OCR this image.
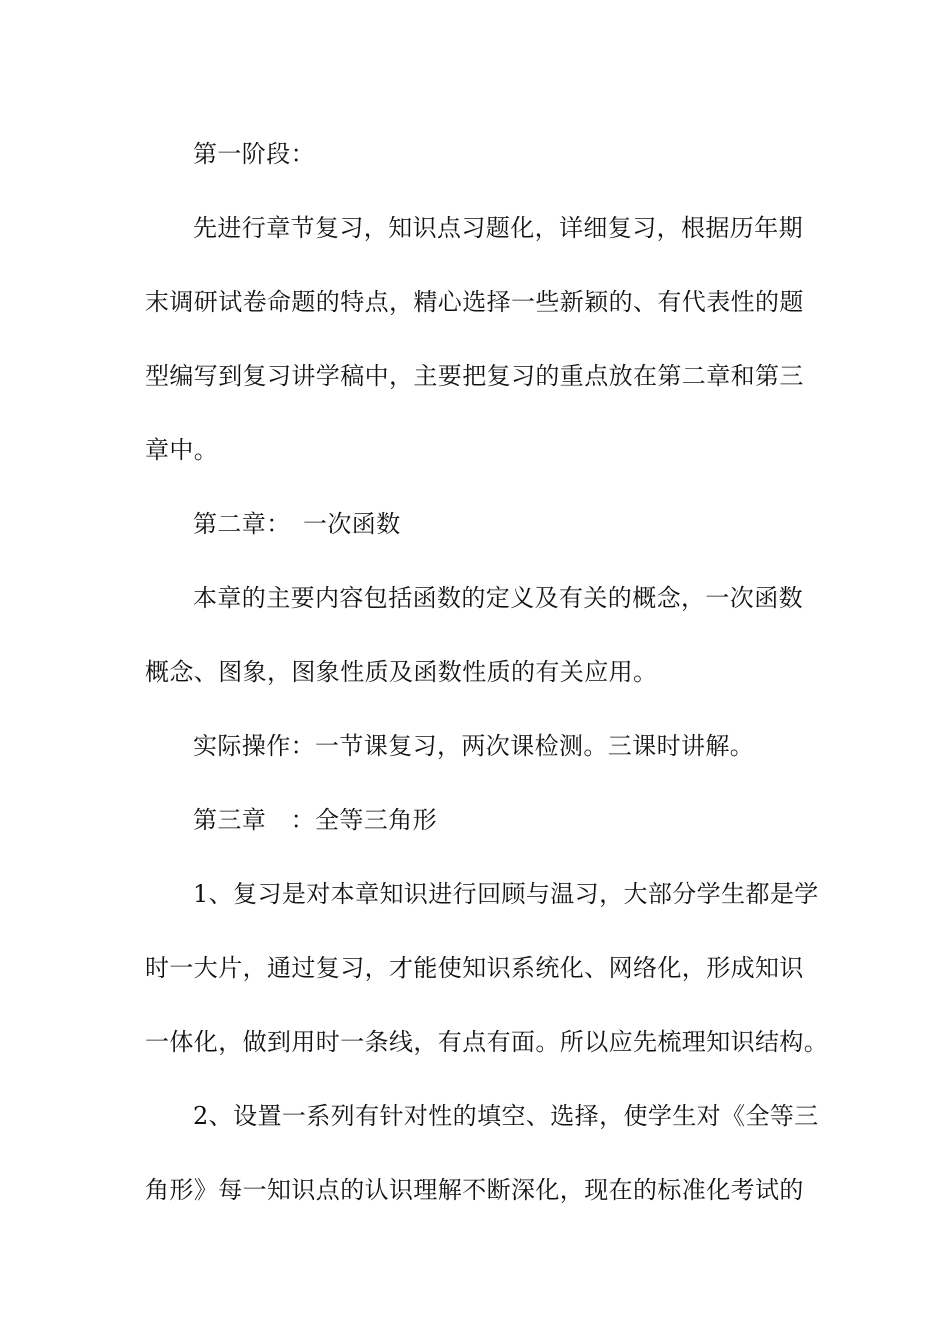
第一阶段：
先进行章节复习，知识点习题化，详细复习，根据历年期
末调研试卷命题的特点，精心选择一些新颖的、有代表性的题
型编写到复习讲学稿中，主要把复习的重点放在第二章和第三
章中。
第二章：　一次函数
本章的主要内容包括函数的定义及有关的概念，一次函数
概念、图象，图象性质及函数性质的有关应用。
实际操作：一节课复习，两次课检测。三课时讲解。
第三章　：全等三角形
1、复习是对本章知识进行回顾与温习，大部分学生都是学
时一大片，通过复习，才能使知识系统化、网络化，形成知识
一体化，做到用时一条线，有点有面。所以应先梳理知识结构。
2、设置一系列有针对性的填空、选择，使学生对《全等三
角形》每一知识点的认识理解不断深化，现在的标准化考试的
